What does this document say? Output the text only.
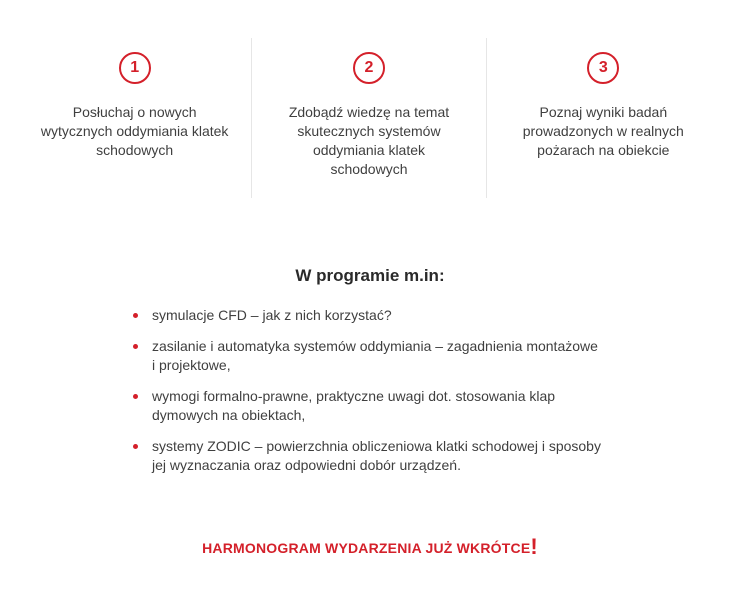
1
Posłuchaj o nowych wytycznych oddymiania klatek schodowych
2
Zdobądź wiedzę na temat skutecznych systemów oddymiania klatek schodowych
3
Poznaj wyniki badań prowadzonych w realnych pożarach na obiekcie
W programie m.in:
symulacje CFD – jak z nich korzystać?
zasilanie i automatyka systemów oddymiania – zagadnienia montażowe i projektowe,
wymogi formalno-prawne, praktyczne uwagi dot. stosowania klap dymowych na obiektach,
systemy ZODIC – powierzchnia obliczeniowa klatki schodowej i sposoby jej wyznaczania oraz odpowiedni dobór urządzeń.

HARMONOGRAM WYDARZENIA JUŻ WKRÓTCE!
